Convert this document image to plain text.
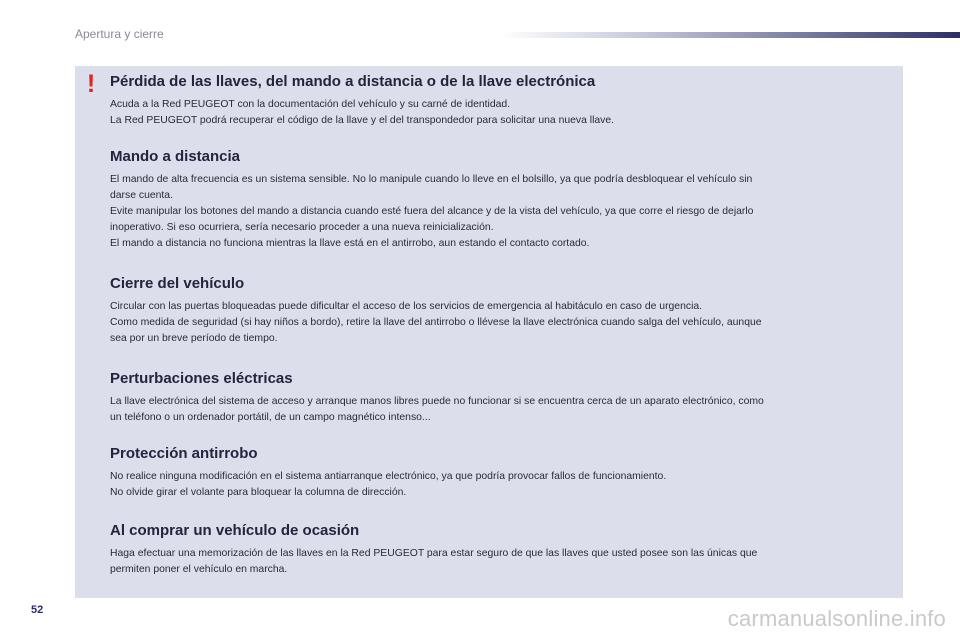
Apertura y cierre
! Pérdida de las llaves, del mando a distancia o de la llave electrónica

Acuda a la Red PEUGEOT con la documentación del vehículo y su carné de identidad.

La Red PEUGEOT podrá recuperar el código de la llave y el del transpondedor para solicitar una nueva llave.

Mando a distancia

El mando de alta frecuencia es un sistema sensible. No lo manipule cuando lo lleve en el bolsillo, ya que podría desbloquear el vehículo sin

darse cuenta.

Evite manipular los botones del mando a distancia cuando esté fuera del alcance y de la vista del vehículo, ya que corre el riesgo de dejarlo

inoperativo. Si eso ocurriera, sería necesario proceder a una nueva reinicialización.

El mando a distancia no funciona mientras la llave está en el antirrobo, aun estando el contacto cortado.

Cierre del vehículo

Circular con las puertas bloqueadas puede dificultar el acceso de los servicios de emergencia al habitáculo en caso de urgencia.

Como medida de seguridad (si hay niños a bordo), retire la llave del antirrobo o llévese la llave electrónica cuando salga del vehículo, aunque

sea por un breve período de tiempo.

Perturbaciones eléctricas

La llave electrónica del sistema de acceso y arranque manos libres puede no funcionar si se encuentra cerca de un aparato electrónico, como

un teléfono o un ordenador portátil, de un campo magnético intenso...

Protección antirrobo

No realice ninguna modificación en el sistema antiarranque electrónico, ya que podría provocar fallos de funcionamiento.

No olvide girar el volante para bloquear la columna de dirección.

Al comprar un vehículo de ocasión

Haga efectuar una memorización de las llaves en la Red PEUGEOT para estar seguro de que las llaves que usted posee son las únicas que

permiten poner el vehículo en marcha.

52	carmanualsonline.info
